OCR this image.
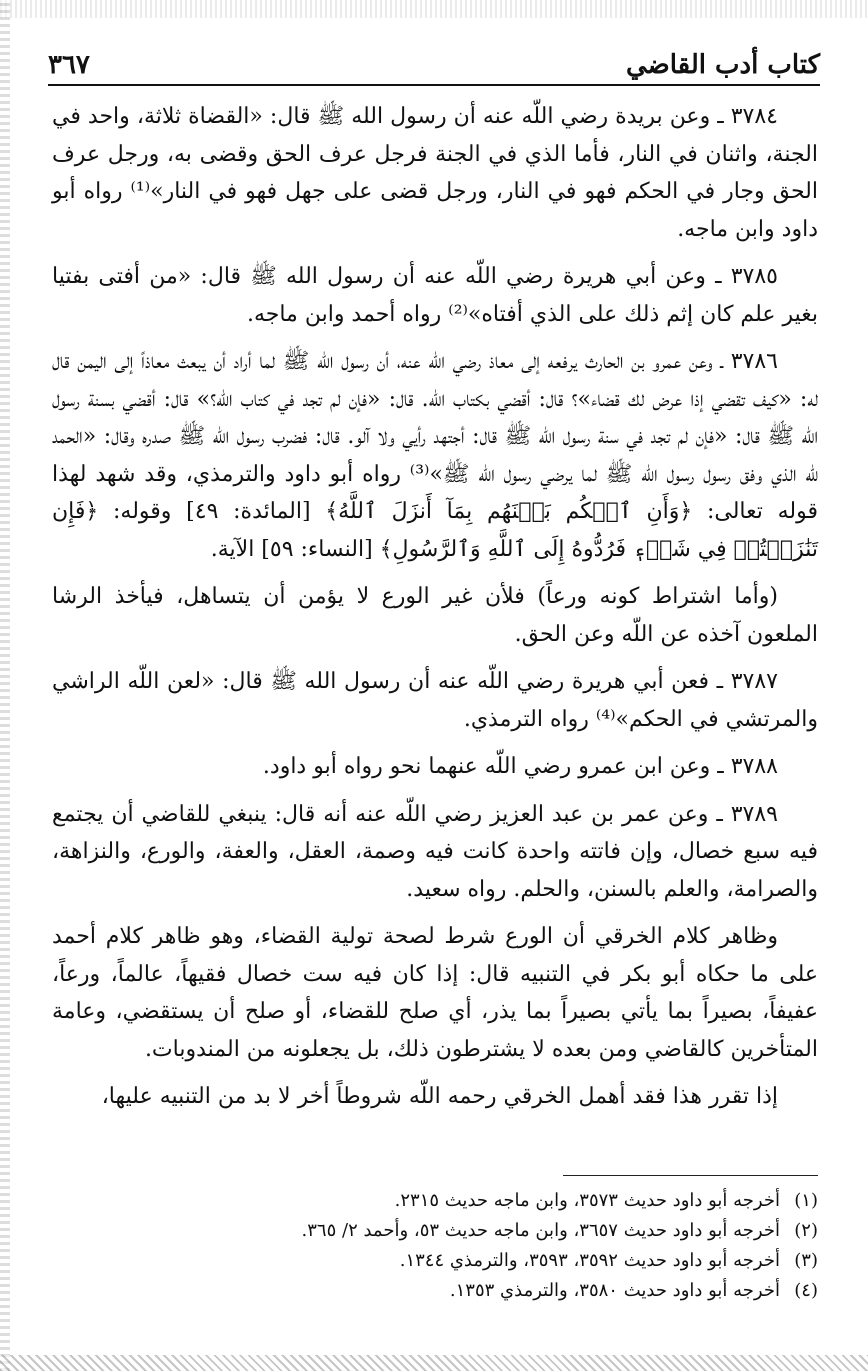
كتاب أدب القاضي
٣٦٧

٣٧٨٤ ـ وعن بريدة رضي اللّه عنه أن رسول الله ﷺ قال: «القضاة ثلاثة، واحد في الجنة، واثنان في النار، فأما الذي في الجنة فرجل عرف الحق وقضى به، ورجل عرف الحق وجار في الحكم فهو في النار، ورجل قضى على جهل فهو في النار»⁽¹⁾ رواه أبو داود وابن ماجه.

٣٧٨٥ ـ وعن أبي هريرة رضي اللّه عنه أن رسول الله ﷺ قال: «من أفتى بفتيا بغير علم كان إثم ذلك على الذي أفتاه»⁽²⁾ رواه أحمد وابن ماجه.

٣٧٨٦ ـ وعن عمرو بن الحارث يرفعه إلى معاذ رضي اللّه عنه، أن رسول الله ﷺ لما أراد أن يبعث معاذاً إلى اليمن قال له: «كيف تقضي إذا عرض لك قضاء»؟ قال: أقضي بكتاب اللّه. قال: «فإن لم تجد في كتاب اللّه؟» قال: أقضي بسنة رسول الله ﷺ قال: «فإن لم تجد في سنة رسول الله ﷺ قال: أجتهد رأيي ولا آلو. قال: فضرب رسول الله ﷺ صدره وقال: «الحمد للّه الذي وفق رسول رسول الله ﷺ لما يرضي رسول الله ﷺ»⁽³⁾ رواه أبو داود والترمذي، وقد شهد لهذا قوله تعالى: ﴿وَأَنِ ٱحۡكُم بَيۡنَهُم بِمَآ أَنزَلَ ٱللَّهُ﴾ [المائدة: ٤٩] وقوله: ﴿فَإِن تَنَٰزَعۡتُمۡ فِي شَيۡءٖ فَرُدُّوهُ إِلَى ٱللَّهِ وَٱلرَّسُولِ﴾ [النساء: ٥٩] الآية.

(وأما اشتراط كونه ورعاً) فلأن غير الورع لا يؤمن أن يتساهل، فيأخذ الرشا الملعون آخذه عن اللّه وعن الحق.

٣٧٨٧ ـ فعن أبي هريرة رضي اللّه عنه أن رسول الله ﷺ قال: «لعن اللّه الراشي والمرتشي في الحكم»⁽⁴⁾ رواه الترمذي.

٣٧٨٨ ـ وعن ابن عمرو رضي اللّه عنهما نحو رواه أبو داود.

٣٧٨٩ ـ وعن عمر بن عبد العزيز رضي اللّه عنه أنه قال: ينبغي للقاضي أن يجتمع فيه سبع خصال، وإن فاتته واحدة كانت فيه وصمة، العقل، والعفة، والورع، والنزاهة، والصرامة، والعلم بالسنن، والحلم. رواه سعيد.

وظاهر كلام الخرقي أن الورع شرط لصحة تولية القضاء، وهو ظاهر كلام أحمد على ما حكاه أبو بكر في التنبيه قال: إذا كان فيه ست خصال فقيهاً، عالماً، ورعاً، عفيفاً، بصيراً بما يأتي بصيراً بما يذر، أي صلح للقضاء، أو صلح أن يستقضي، وعامة المتأخرين كالقاضي ومن بعده لا يشترطون ذلك، بل يجعلونه من المندوبات.

إذا تقرر هذا فقد أهمل الخرقي رحمه اللّه شروطاً أخر لا بد من التنبيه عليها،

(١)أخرجه أبو داود حديث ٣٥٧٣، وابن ماجه حديث ٢٣١٥.

(٢)أخرجه أبو داود حديث ٣٦٥٧، وابن ماجه حديث ٥٣، وأحمد ٢/ ٣٦٥.

(٣)أخرجه أبو داود حديث ٣٥٩٢، ٣٥٩٣، والترمذي ١٣٤٤.

(٤)أخرجه أبو داود حديث ٣٥٨٠، والترمذي ١٣٥٣.
